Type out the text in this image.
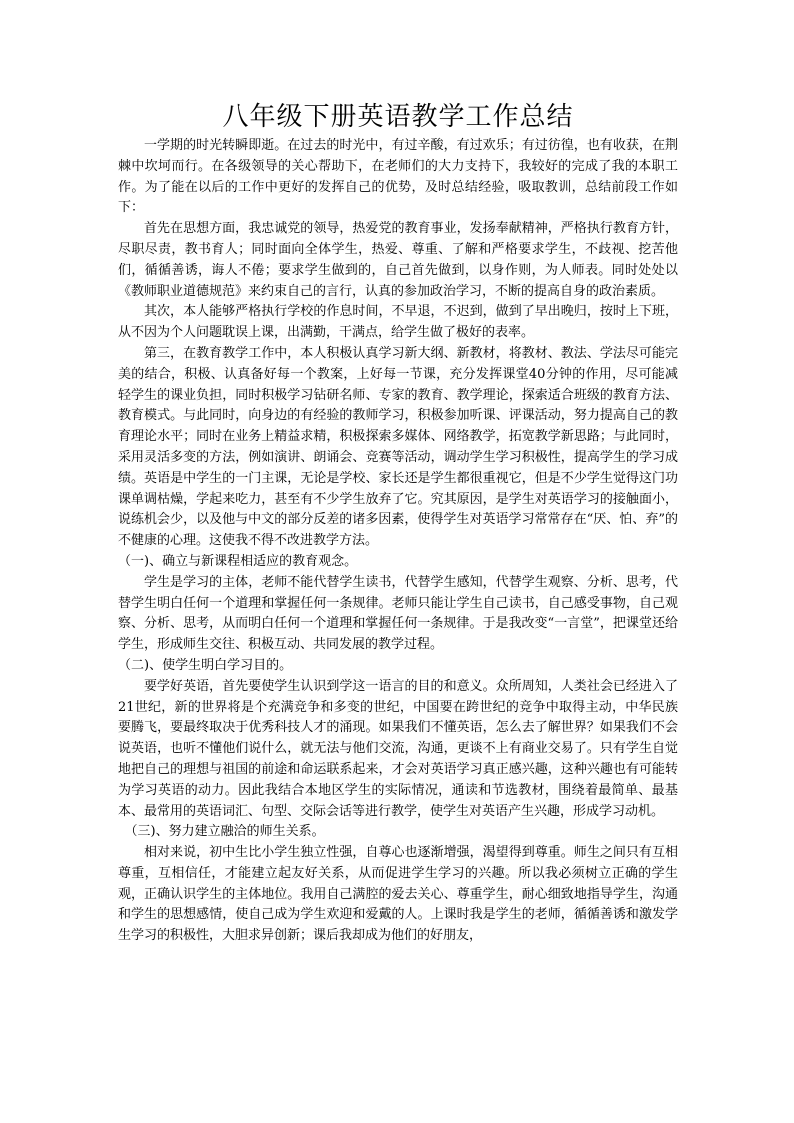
八年级下册英语教学工作总结

一学期的时光转瞬即逝。在过去的时光中，有过辛酸，有过欢乐；有过彷徨，也有收获，在荆棘中坎坷而行。在各级领导的关心帮助下，在老师们的大力支持下，我较好的完成了我的本职工作。为了能在以后的工作中更好的发挥自己的优势，及时总结经验，吸取教训，总结前段工作如下：

首先在思想方面，我忠诚党的领导，热爱党的教育事业，发扬奉献精神，严格执行教育方针，尽职尽责，教书育人；同时面向全体学生，热爱、尊重、了解和严格要求学生，不歧视、挖苦他们，循循善诱，诲人不倦；要求学生做到的，自己首先做到，以身作则，为人师表。同时处处以《教师职业道德规范》来约束自己的言行，认真的参加政治学习，不断的提高自身的政治素质。

其次，本人能够严格执行学校的作息时间，不早退，不迟到，做到了早出晚归，按时上下班，从不因为个人问题耽误上课，出满勤，干满点，给学生做了极好的表率。

第三，在教育教学工作中，本人积极认真学习新大纲、新教材，将教材、教法、学法尽可能完美的结合，积极、认真备好每一个教案，上好每一节课，充分发挥课堂40分钟的作用，尽可能减轻学生的课业负担，同时积极学习钻研名师、专家的教育、教学理论，探索适合班级的教育方法、教育模式。与此同时，向身边的有经验的教师学习，积极参加听课、评课活动，努力提高自己的教育理论水平；同时在业务上精益求精，积极探索多媒体、网络教学，拓宽教学新思路；与此同时，采用灵活多变的方法，例如演讲、朗诵会、竞赛等活动，调动学生学习积极性，提高学生的学习成绩。英语是中学生的一门主课，无论是学校、家长还是学生都很重视它，但是不少学生觉得这门功课单调枯燥，学起来吃力，甚至有不少学生放弃了它。究其原因，是学生对英语学习的接触面小，说练机会少，以及他与中文的部分反差的诸多因素，使得学生对英语学习常常存在“厌、怕、弃”的不健康的心理。这使我不得不改进教学方法。

（一)、确立与新课程相适应的教育观念。

学生是学习的主体，老师不能代替学生读书，代替学生感知，代替学生观察、分析、思考，代替学生明白任何一个道理和掌握任何一条规律。老师只能让学生自己读书，自己感受事物，自己观察、分析、思考，从而明白任何一个道理和掌握任何一条规律。于是我改变“一言堂”，把课堂还给学生，形成师生交往、积极互动、共同发展的教学过程。

（二)、使学生明白学习目的。

要学好英语，首先要使学生认识到学这一语言的目的和意义。众所周知，人类社会已经进入了21世纪，新的世界将是个充满竞争和多变的世纪，中国要在跨世纪的竞争中取得主动，中华民族要腾飞，要最终取决于优秀科技人才的涌现。如果我们不懂英语，怎么去了解世界？如果我们不会说英语，也听不懂他们说什么，就无法与他们交流，沟通，更谈不上有商业交易了。只有学生自觉地把自己的理想与祖国的前途和命运联系起来，才会对英语学习真正感兴趣，这种兴趣也有可能转为学习英语的动力。因此我结合本地区学生的实际情况，通读和节选教材，围绕着最简单、最基本、最常用的英语词汇、句型、交际会话等进行教学，使学生对英语产生兴趣，形成学习动机。

（三)、努力建立融洽的师生关系。

相对来说，初中生比小学生独立性强，自尊心也逐渐增强，渴望得到尊重。师生之间只有互相尊重，互相信任，才能建立起友好关系，从而促进学生学习的兴趣。所以我必须树立正确的学生观，正确认识学生的主体地位。我用自己满腔的爱去关心、尊重学生，耐心细致地指导学生，沟通和学生的思想感情，使自己成为学生欢迎和爱戴的人。上课时我是学生的老师，循循善诱和激发学生学习的积极性，大胆求异创新；课后我却成为他们的好朋友，
